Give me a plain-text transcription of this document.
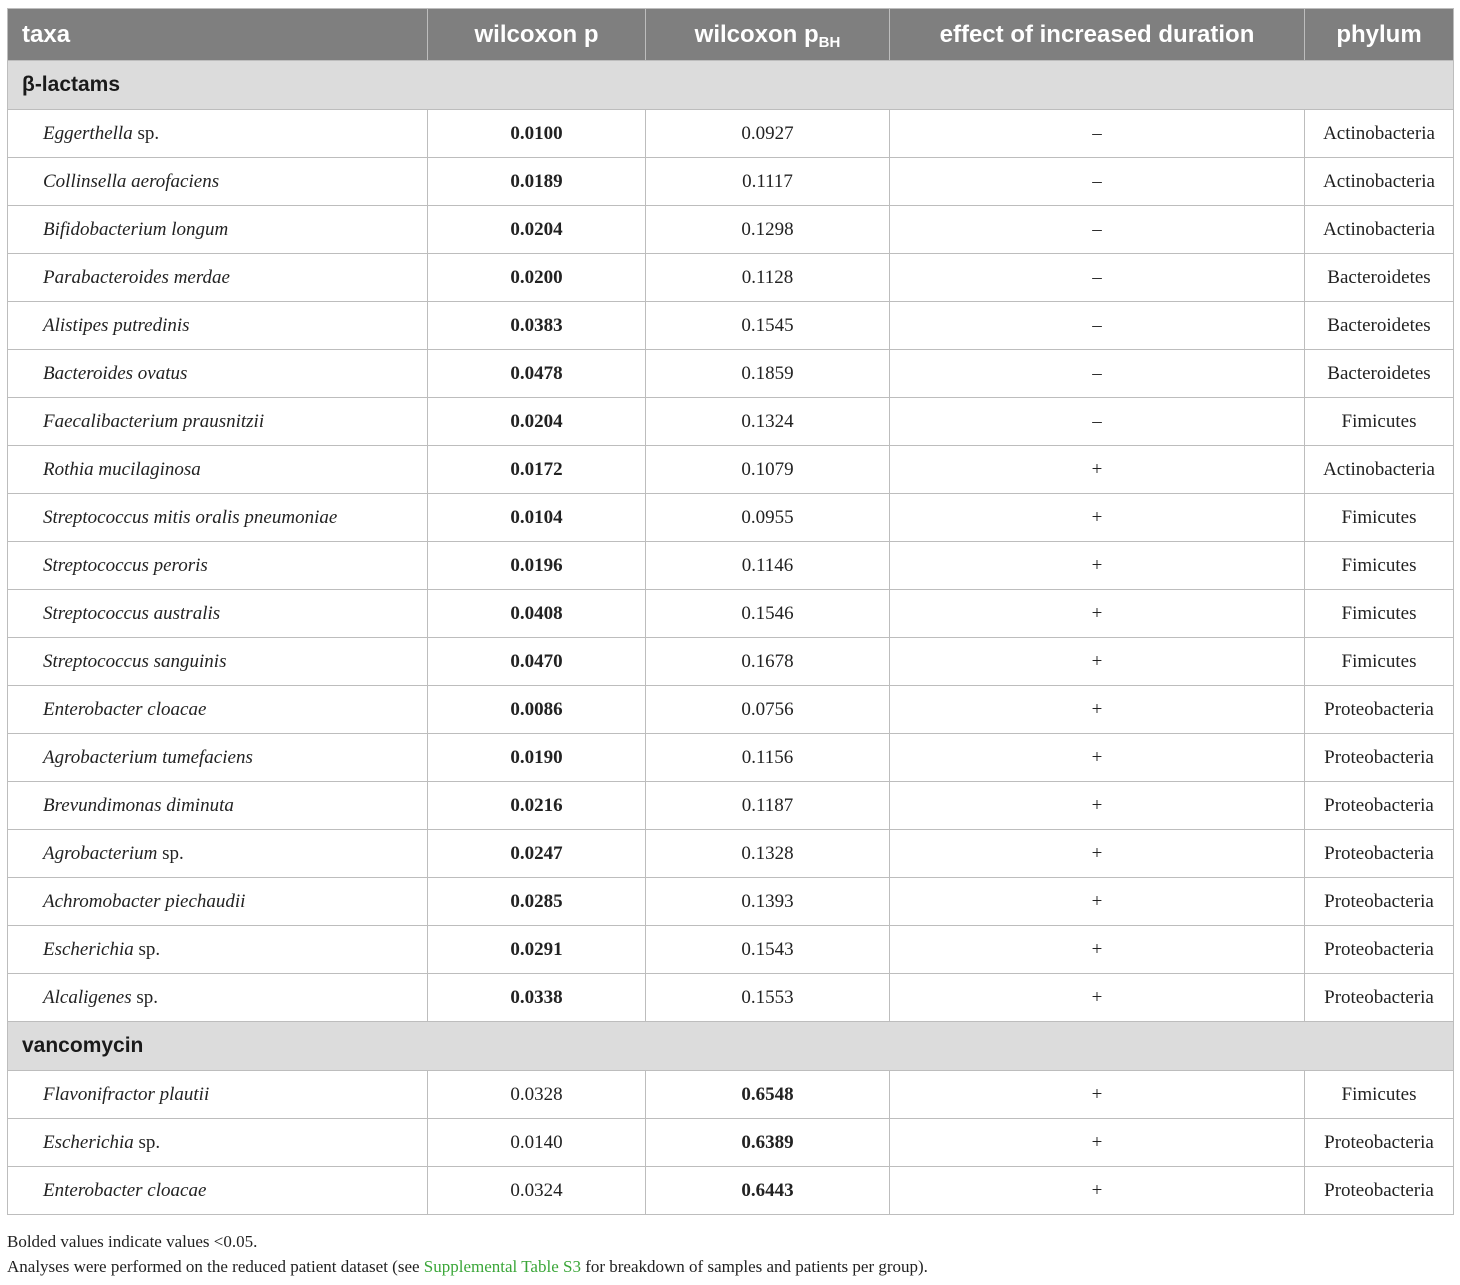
taxa	wilcoxon p	wilcoxon $p_{BH}$	effect of increased duration	phylum
β-lactams				
Eggerthella sp.	0.0100	0.0927	–	Actinobacteria
Collinsella aerofaciens	0.0189	0.1117	–	Actinobacteria
Bifidobacterium longum	0.0204	0.1298	–	Actinobacteria
Parabacteroides merdae	0.0200	0.1128	–	Bacteroidetes
Alistipes putredinis	0.0383	0.1545	–	Bacteroidetes
Bacteroides ovatus	0.0478	0.1859	–	Bacteroidetes
Faecalibacterium prausnitzii	0.0204	0.1324	–	Fimicutes
Rothia mucilaginosa	0.0172	0.1079	+	Actinobacteria
Streptococcus mitis oralis pneumoniae	0.0104	0.0955	+	Fimicutes
Streptococcus peroris	0.0196	0.1146	+	Fimicutes
Streptococcus australis	0.0408	0.1546	+	Fimicutes
Streptococcus sanguinis	0.0470	0.1678	+	Fimicutes
Enterobacter cloacae	0.0086	0.0756	+	Proteobacteria
Agrobacterium tumefaciens	0.0190	0.1156	+	Proteobacteria
Brevundimonas diminuta	0.0216	0.1187	+	Proteobacteria
Agrobacterium sp.	0.0247	0.1328	+	Proteobacteria
Achromobacter piechaudii	0.0285	0.1393	+	Proteobacteria
Escherichia sp.	0.0291	0.1543	+	Proteobacteria
Alcaligenes sp.	0.0338	0.1553	+	Proteobacteria
vancomycin				
Flavonifractor plautii	0.0328	0.6548	+	Fimicutes
Escherichia sp.	0.0140	0.6389	+	Proteobacteria
Enterobacter cloacae	0.0324	0.6443	+	Proteobacteria
Bolded values indicate values <0.05.
Analyses were performed on the reduced patient dataset (see Supplemental Table S3 for breakdown of samples and patients per group).
